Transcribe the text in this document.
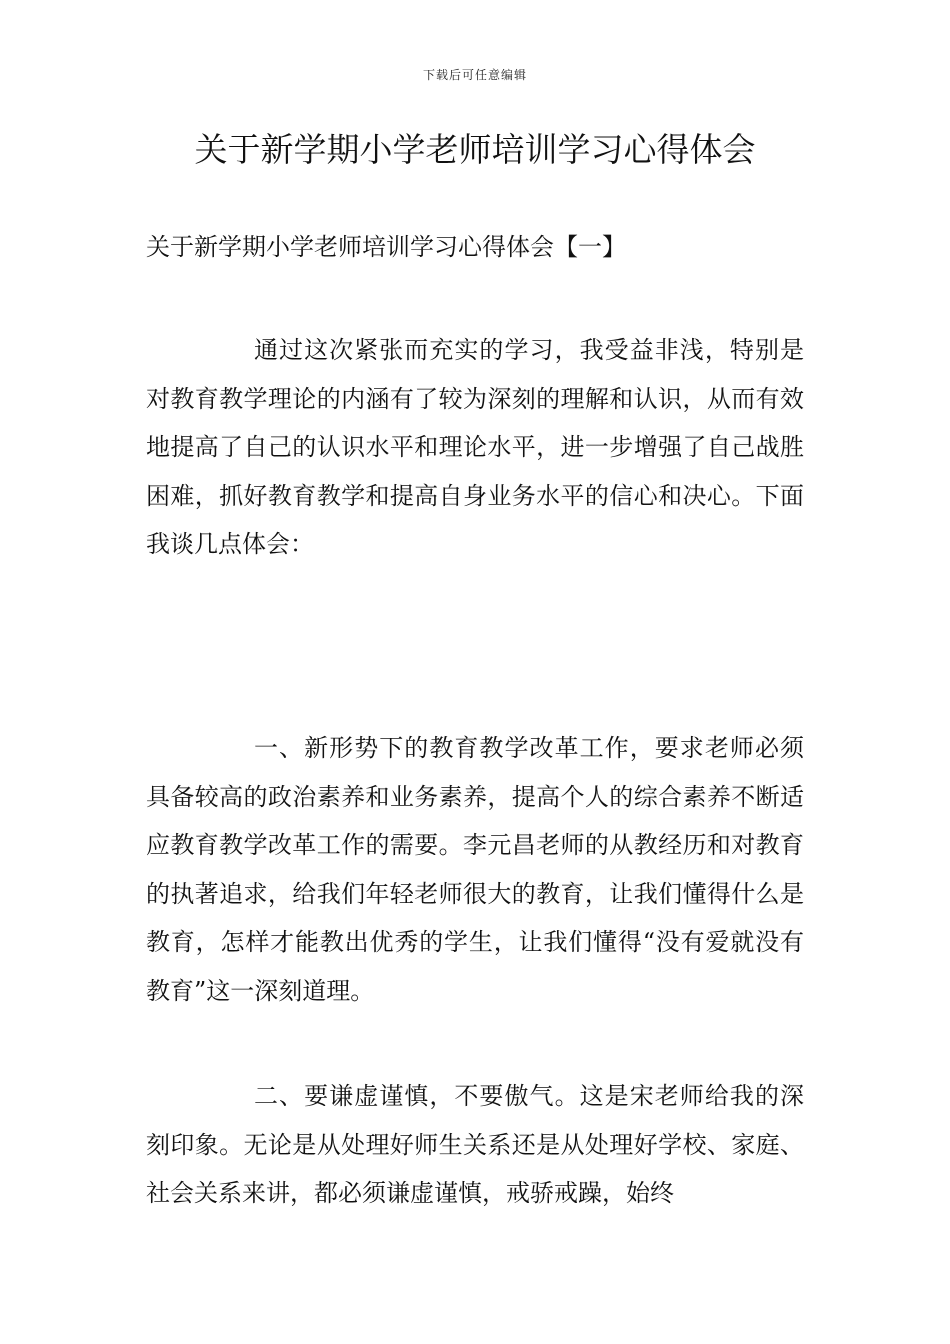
下载后可任意编辑
关于新学期小学老师培训学习心得体会

关于新学期小学老师培训学习心得体会【一】

通过这次紧张而充实的学习，我受益非浅，特别是对教育教学理论的内涵有了较为深刻的理解和认识，从而有效地提高了自己的认识水平和理论水平，进一步增强了自己战胜困难，抓好教育教学和提高自身业务水平的信心和决心。下面我谈几点体会：

一、新形势下的教育教学改革工作，要求老师必须具备较高的政治素养和业务素养，提高个人的综合素养不断适应教育教学改革工作的需要。李元昌老师的从教经历和对教育的执著追求，给我们年轻老师很大的教育，让我们懂得什么是教育，怎样才能教出优秀的学生，让我们懂得“没有爱就没有教育”这一深刻道理。

二、要谦虚谨慎，不要傲气。这是宋老师给我的深刻印象。无论是从处理好师生关系还是从处理好学校、家庭、社会关系来讲，都必须谦虚谨慎，戒骄戒躁，始终
